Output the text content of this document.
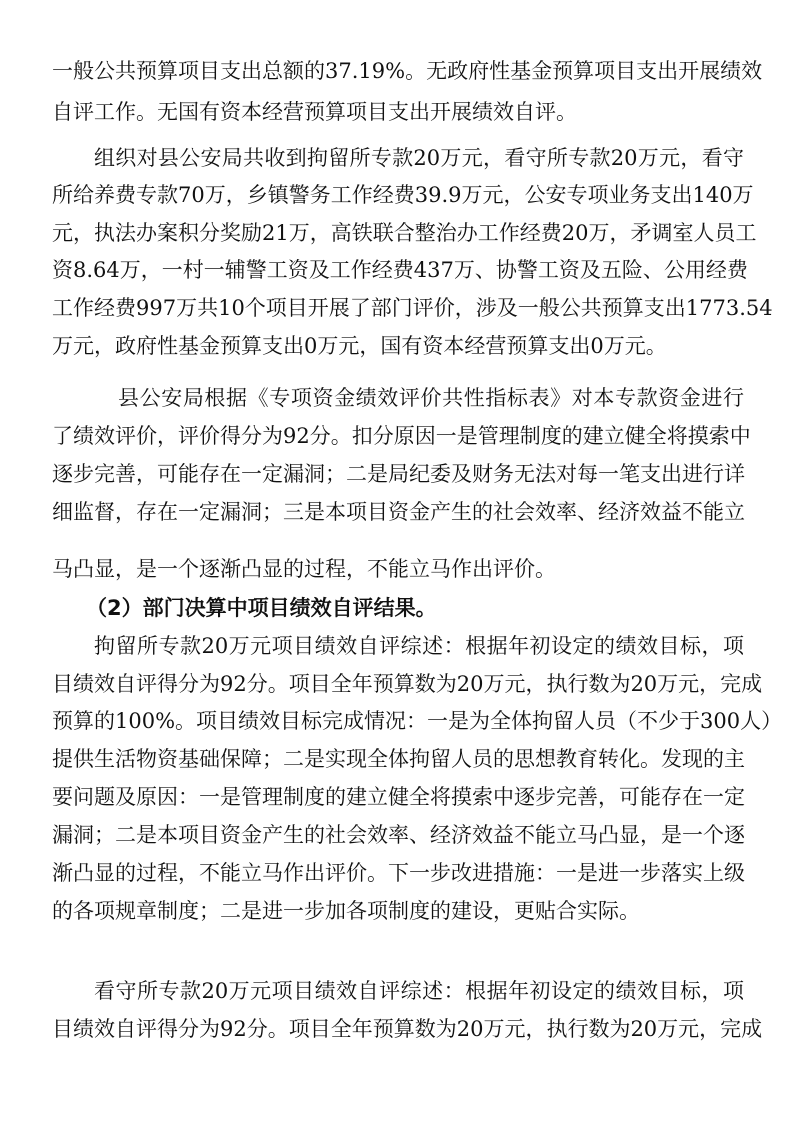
一般公共预算项目支出总额的37.19%。无政府性基金预算项目支出开展绩效

自评工作。无国有资本经营预算项目支出开展绩效自评。

组织对县公安局共收到拘留所专款20万元，看守所专款20万元，看守

所给养费专款70万，乡镇警务工作经费39.9万元，公安专项业务支出140万

元，执法办案积分奖励21万，高铁联合整治办工作经费20万，矛调室人员工

资8.64万，一村一辅警工资及工作经费437万、协警工资及五险、公用经费

工作经费997万共10个项目开展了部门评价，涉及一般公共预算支出1773.54

万元，政府性基金预算支出0万元，国有资本经营预算支出0万元。

县公安局根据《专项资金绩效评价共性指标表》对本专款资金进行

了绩效评价，评价得分为92分。扣分原因一是管理制度的建立健全将摸索中

逐步完善，可能存在一定漏洞；二是局纪委及财务无法对每一笔支出进行详

细监督，存在一定漏洞；三是本项目资金产生的社会效率、经济效益不能立

马凸显，是一个逐渐凸显的过程，不能立马作出评价。

（2）部门决算中项目绩效自评结果。

拘留所专款20万元项目绩效自评综述：根据年初设定的绩效目标，项

目绩效自评得分为92分。项目全年预算数为20万元，执行数为20万元，完成

预算的100%。项目绩效目标完成情况：一是为全体拘留人员（不少于300人）

提供生活物资基础保障；二是实现全体拘留人员的思想教育转化。发现的主

要问题及原因：一是管理制度的建立健全将摸索中逐步完善，可能存在一定

漏洞；二是本项目资金产生的社会效率、经济效益不能立马凸显，是一个逐

渐凸显的过程，不能立马作出评价。下一步改进措施：一是进一步落实上级

的各项规章制度；二是进一步加各项制度的建设，更贴合实际。

看守所专款20万元项目绩效自评综述：根据年初设定的绩效目标，项

目绩效自评得分为92分。项目全年预算数为20万元，执行数为20万元，完成
